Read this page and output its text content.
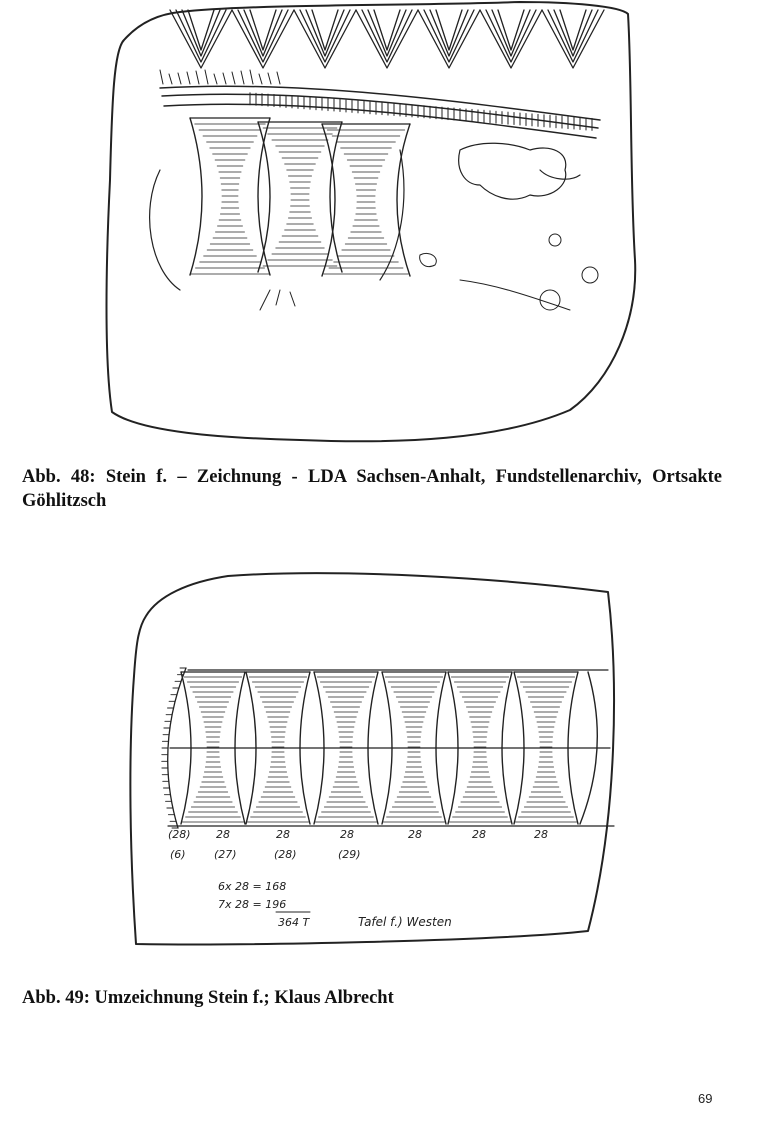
Abb. 48: Stein f. – Zeichnung - LDA Sachsen-Anhalt, Fundstellenarchiv, Ortsakte Göhlitzsch
(28) 28	28	28	28	28	28
(6)	(27)	(28)	(29)
6x 28 = 168
7x 28 = 196
364 T	Tafel f.) Westen
Abb. 49: Umzeichnung Stein f.; Klaus Albrecht
69
